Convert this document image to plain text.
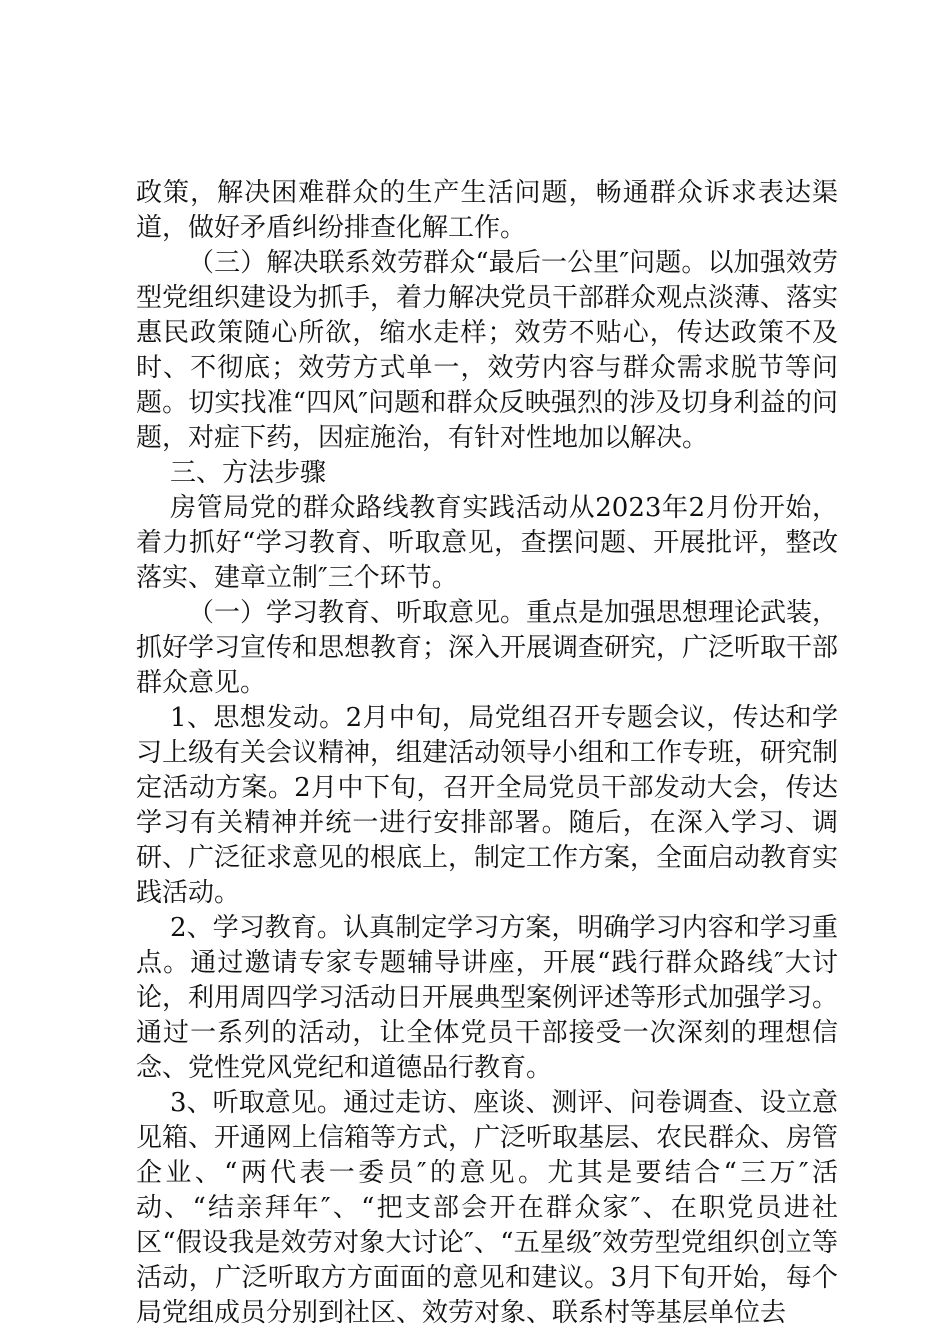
政策，解决困难群众的生产生活问题，畅通群众诉求表达渠道，做好矛盾纠纷排查化解工作。

（三）解决联系效劳群众“最后一公里″问题。以加强效劳型党组织建设为抓手，着力解决党员干部群众观点淡薄、落实惠民政策随心所欲，缩水走样；效劳不贴心，传达政策不及时、不彻底；效劳方式单一，效劳内容与群众需求脱节等问题。切实找准“四风″问题和群众反映强烈的涉及切身利益的问题，对症下药，因症施治，有针对性地加以解决。

三、方法步骤

房管局党的群众路线教育实践活动从2023年2月份开始，着力抓好“学习教育、听取意见，查摆问题、开展批评，整改落实、建章立制″三个环节。

（一）学习教育、听取意见。重点是加强思想理论武装，抓好学习宣传和思想教育；深入开展调查研究，广泛听取干部群众意见。

1、思想发动。2月中旬，局党组召开专题会议，传达和学习上级有关会议精神，组建活动领导小组和工作专班，研究制定活动方案。2月中下旬，召开全局党员干部发动大会，传达学习有关精神并统一进行安排部署。随后，在深入学习、调研、广泛征求意见的根底上，制定工作方案，全面启动教育实践活动。

2、学习教育。认真制定学习方案，明确学习内容和学习重点。通过邀请专家专题辅导讲座，开展“践行群众路线″大讨论，利用周四学习活动日开展典型案例评述等形式加强学习。通过一系列的活动，让全体党员干部接受一次深刻的理想信念、党性党风党纪和道德品行教育。

3、听取意见。通过走访、座谈、测评、问卷调查、设立意见箱、开通网上信箱等方式，广泛听取基层、农民群众、房管企业、“两代表一委员″的意见。尤其是要结合“三万″活动、“结亲拜年″、“把支部会开在群众家″、在职党员进社区“假设我是效劳对象大讨论″、“五星级″效劳型党组织创立等活动，广泛听取方方面面的意见和建议。3月下旬开始，每个局党组成员分别到社区、效劳对象、联系村等基层单位去
